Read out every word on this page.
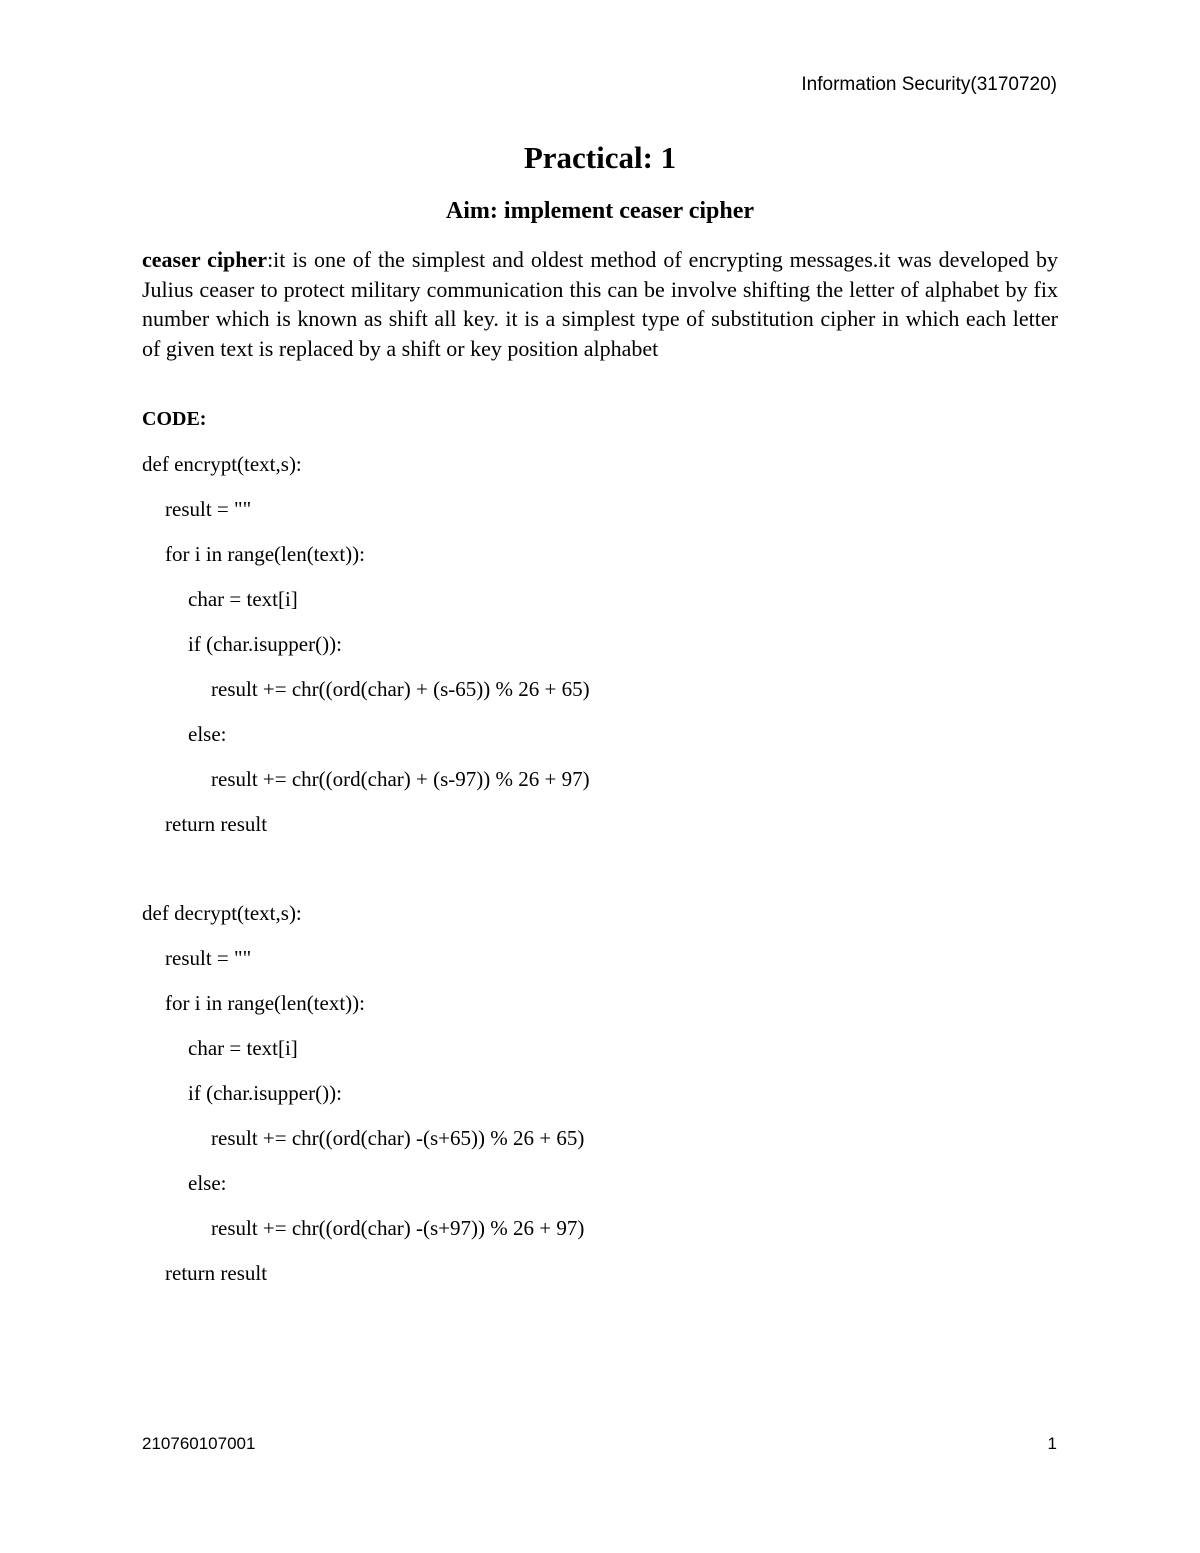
Information Security(3170720)
Practical: 1
Aim: implement ceaser cipher

ceaser cipher:it is one of the simplest and oldest method of encrypting messages.it was developed by Julius ceaser to protect military communication this can be involve shifting the letter of alphabet by fix number which is known as shift all key. it is a simplest type of substitution cipher in which each letter of given text is replaced by a shift or key position alphabet

CODE:
def encrypt(text,s):
result = ""
for i in range(len(text)):
char = text[i]
if (char.isupper()):
result += chr((ord(char) + (s-65)) % 26 + 65)
else:
result += chr((ord(char) + (s-97)) % 26 + 97)
return result
def decrypt(text,s):
result = ""
for i in range(len(text)):
char = text[i]
if (char.isupper()):
result += chr((ord(char) -(s+65)) % 26 + 65)
else:
result += chr((ord(char) -(s+97)) % 26 + 97)
return result
210760107001	1
